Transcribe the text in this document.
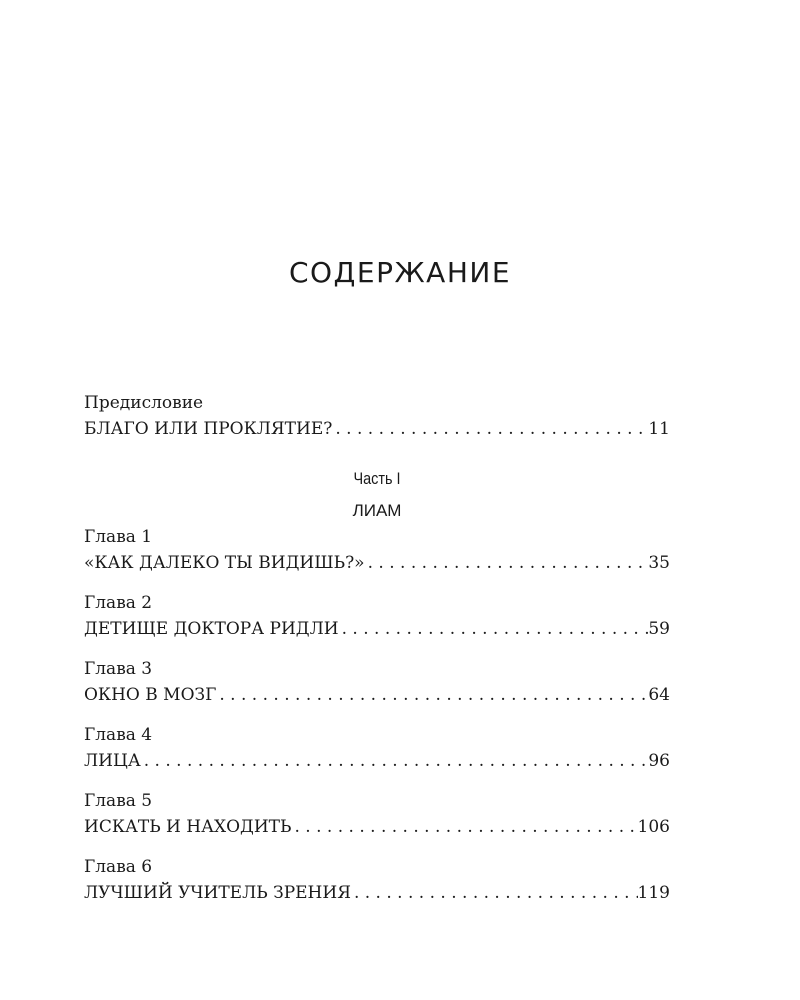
СОДЕРЖАНИЕ
Предисловие
БЛАГО ИЛИ ПРОКЛЯТИЕ? . . .	11
Часть I
ЛИАМ
Глава 1
«КАК ДАЛЕКО ТЫ ВИДИШЬ?» . . .	35
Глава 2
ДЕТИЩЕ ДОКТОРА РИДЛИ . . .	59
Глава 3
ОКНО В МОЗГ . . .	64
Глава 4
ЛИЦА . . .	96
Глава 5
ИСКАТЬ И НАХОДИТЬ . . .	106
Глава 6
ЛУЧШИЙ УЧИТЕЛЬ ЗРЕНИЯ . . .	119
